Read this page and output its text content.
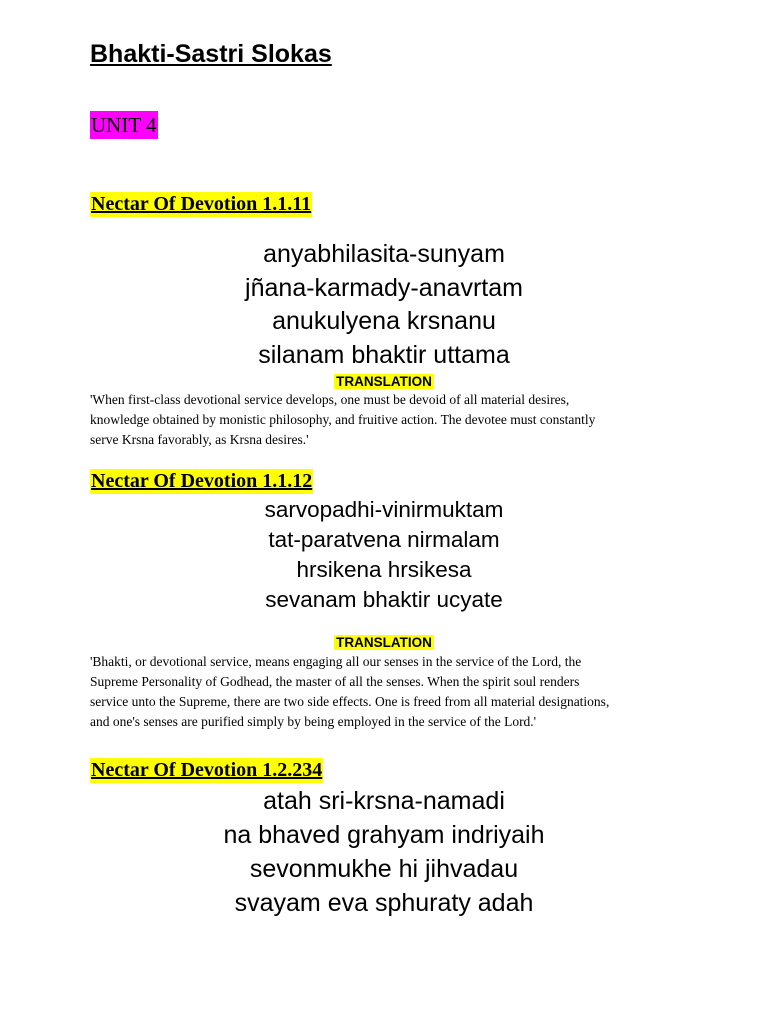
Bhakti-Sastri Slokas
UNIT 4
Nectar Of Devotion 1.1.11
anyabhilasita-sunyam
jñana-karmady-anavrtam
anukulyena krsnanu
silanam bhaktir uttama
TRANSLATION
'When first-class devotional service develops, one must be devoid of all material desires,
knowledge obtained by monistic philosophy, and fruitive action. The devotee must constantly
serve Krsna favorably, as Krsna desires.'
Nectar Of Devotion 1.1.12
sarvopadhi-vinirmuktam
tat-paratvena nirmalam
hrsikena hrsikesa
sevanam bhaktir ucyate
TRANSLATION
'Bhakti, or devotional service, means engaging all our senses in the service of the Lord, the
Supreme Personality of Godhead, the master of all the senses. When the spirit soul renders
service unto the Supreme, there are two side effects. One is freed from all material designations,
and one's senses are purified simply by being employed in the service of the Lord.'
Nectar Of Devotion 1.2.234
atah sri-krsna-namadi
na bhaved grahyam indriyaih
sevonmukhe hi jihvadau
svayam eva sphuraty adah
